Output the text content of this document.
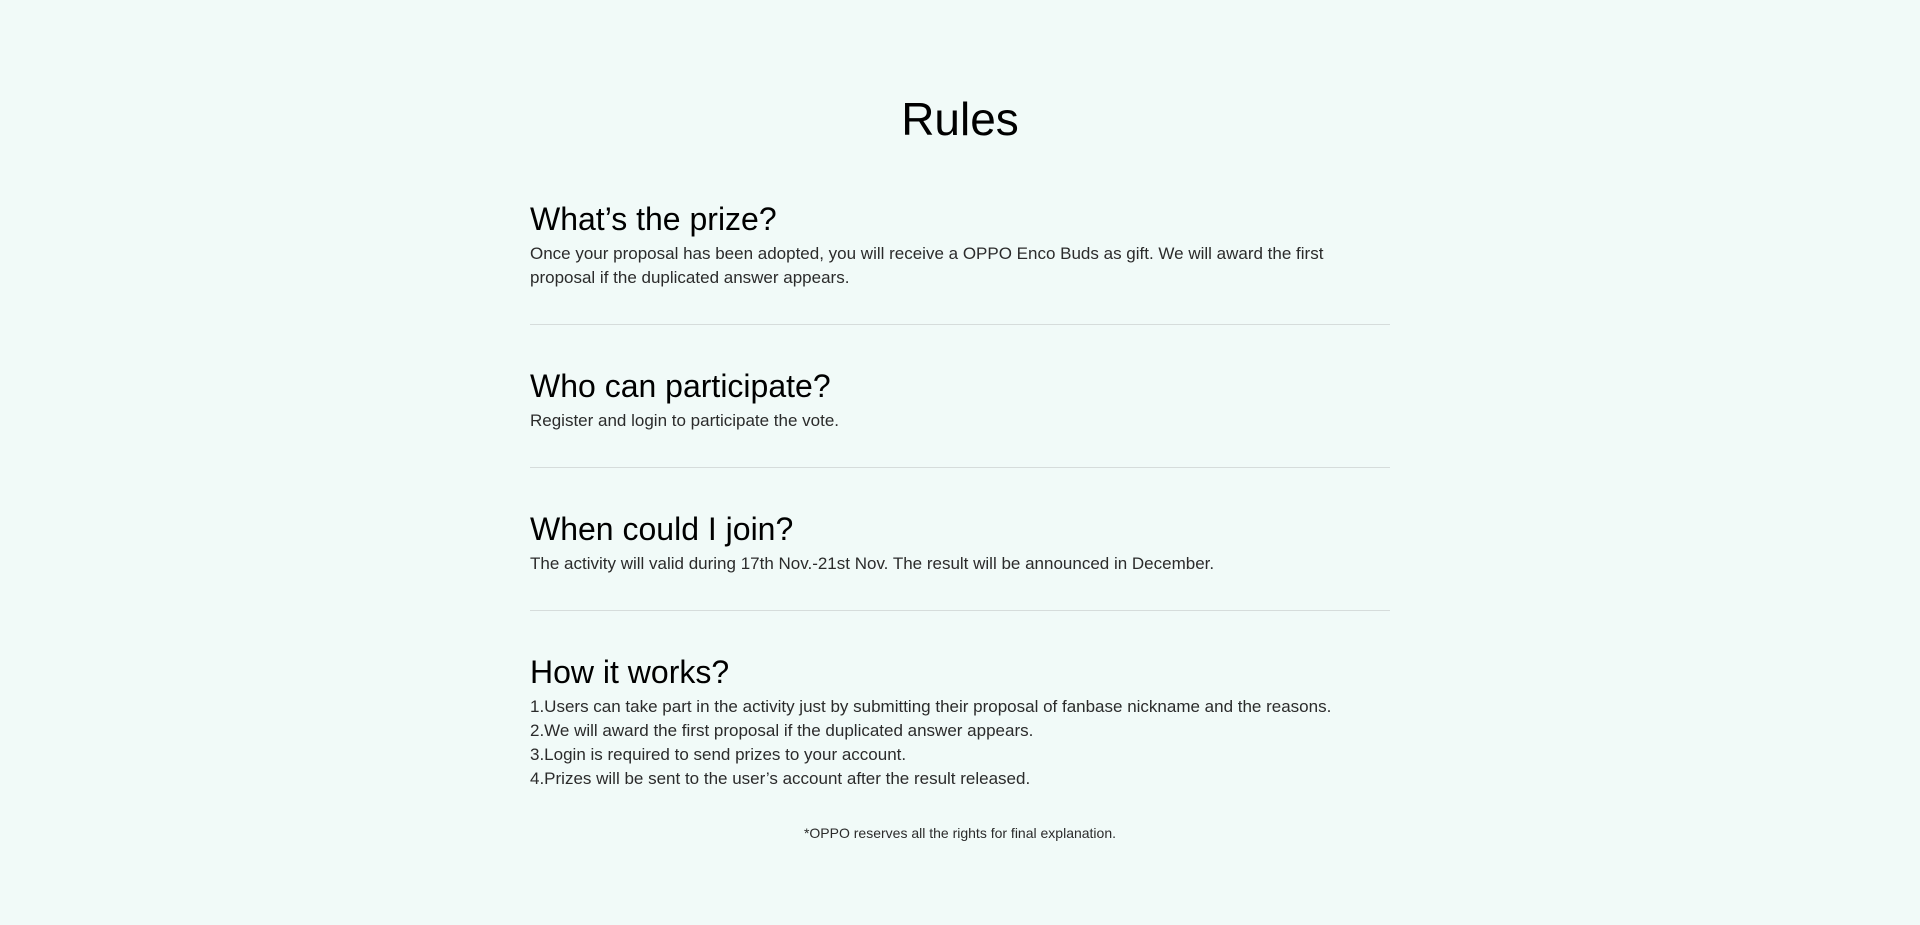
Rules
What’s the prize?

Once your proposal has been adopted, you will receive a OPPO Enco Buds as gift. We will award the first proposal if the duplicated answer appears.

Who can participate?

Register and login to participate the vote.

When could I join?

The activity will valid during 17th Nov.-21st Nov. The result will be announced in December.

How it works?
1.Users can take part in the activity just by submitting their proposal of fanbase nickname and the reasons.
2.We will award the first proposal if the duplicated answer appears.
3.Login is required to send prizes to your account.
4.Prizes will be sent to the user’s account after the result released.

*OPPO reserves all the rights for final explanation.
